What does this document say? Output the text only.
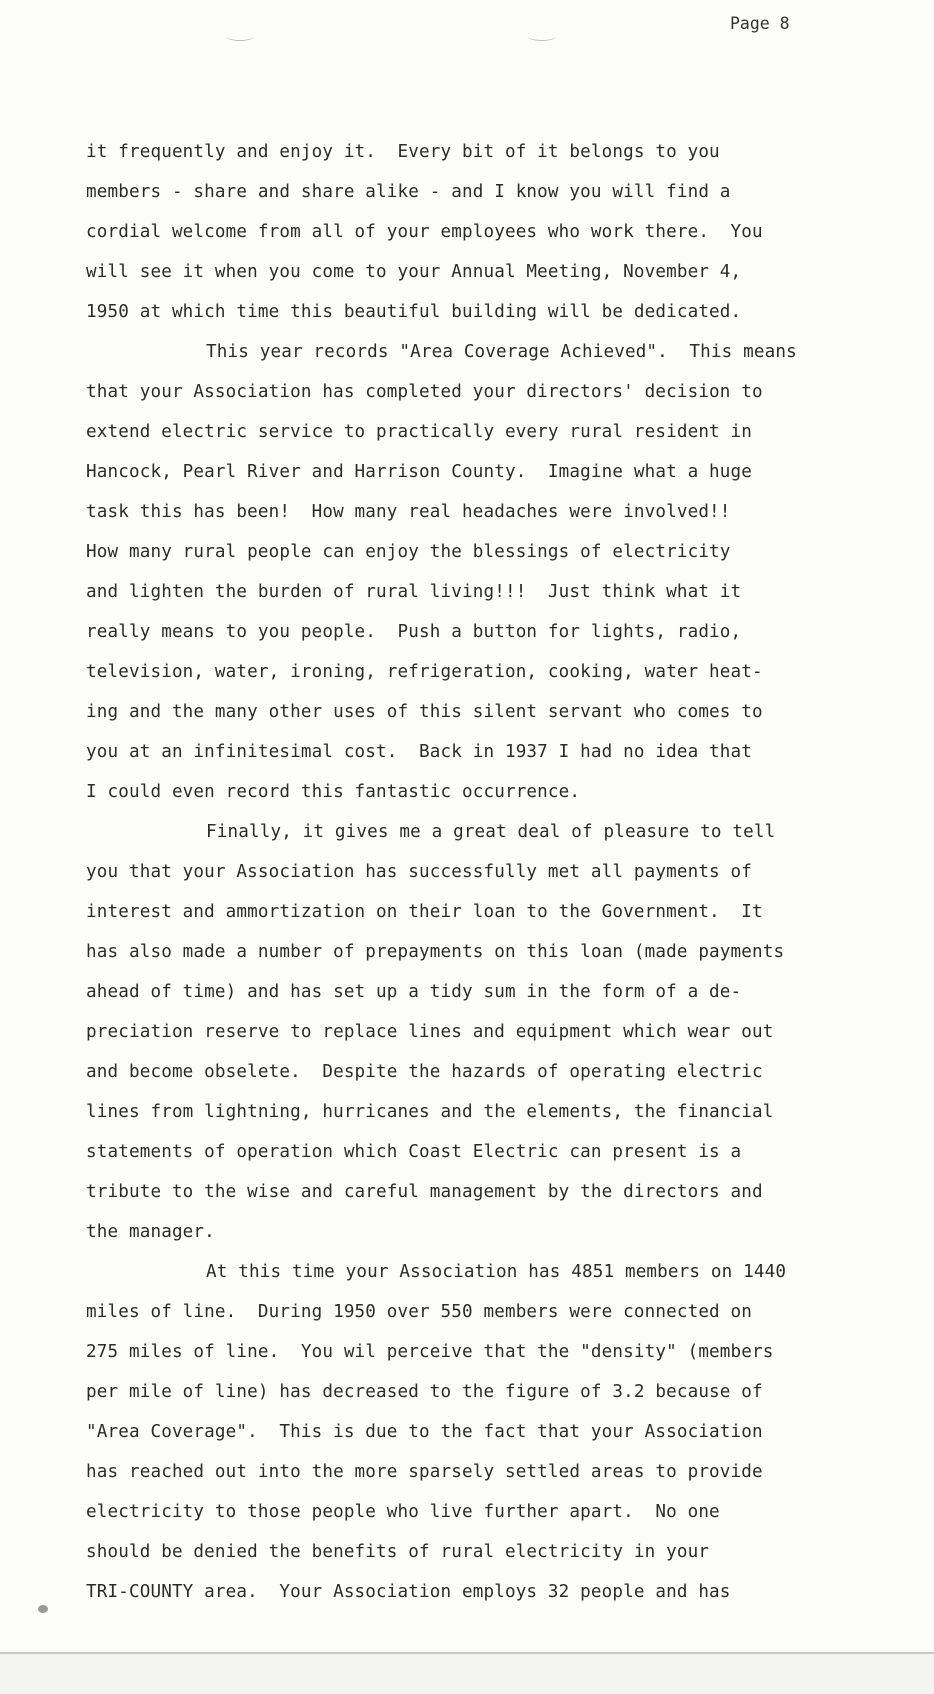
Page 8
it frequently and enjoy it.  Every bit of it belongs to you
members - share and share alike - and I know you will find a
cordial welcome from all of your employees who work there.  You
will see it when you come to your Annual Meeting, November 4,
1950 at which time this beautiful building will be dedicated.
This year records "Area Coverage Achieved".  This means
that your Association has completed your directors' decision to
extend electric service to practically every rural resident in
Hancock, Pearl River and Harrison County.  Imagine what a huge
task this has been!  How many real headaches were involved!!
How many rural people can enjoy the blessings of electricity
and lighten the burden of rural living!!!  Just think what it
really means to you people.  Push a button for lights, radio,
television, water, ironing, refrigeration, cooking, water heat-
ing and the many other uses of this silent servant who comes to
you at an infinitesimal cost.  Back in 1937 I had no idea that
I could even record this fantastic occurrence.
Finally, it gives me a great deal of pleasure to tell
you that your Association has successfully met all payments of
interest and ammortization on their loan to the Government.  It
has also made a number of prepayments on this loan (made payments
ahead of time) and has set up a tidy sum in the form of a de-
preciation reserve to replace lines and equipment which wear out
and become obselete.  Despite the hazards of operating electric
lines from lightning, hurricanes and the elements, the financial
statements of operation which Coast Electric can present is a
tribute to the wise and careful management by the directors and
the manager.
At this time your Association has 4851 members on 1440
miles of line.  During 1950 over 550 members were connected on
275 miles of line.  You wil perceive that the "density" (members
per mile of line) has decreased to the figure of 3.2 because of
"Area Coverage".  This is due to the fact that your Association
has reached out into the more sparsely settled areas to provide
electricity to those people who live further apart.  No one
should be denied the benefits of rural electricity in your
TRI-COUNTY area.  Your Association employs 32 people and has
